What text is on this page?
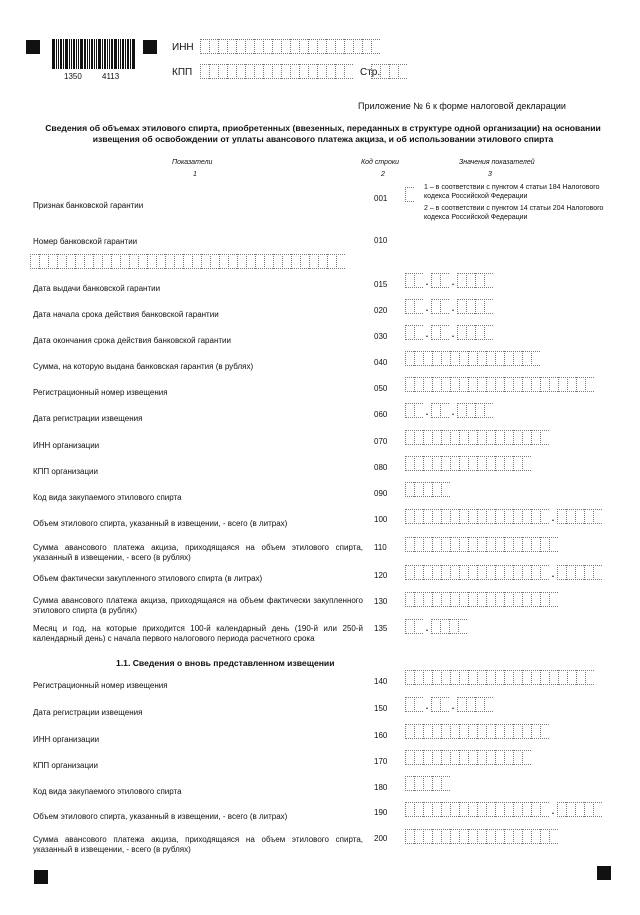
1350	4113
ИНН
КПП	Стр.
Приложение № 6 к форме налоговой декларации
Сведения об объемах этилового спирта, приобретенных (ввезенных, переданных в структуре одной организации) на основании извещения об освобождении от уплаты авансового платежа акциза, и об использовании этилового спирта
Показатели	Код строки	Значения показателей
1	2	3
Признак банковской гарантии
001
1 – в соответствии с пунктом 4 статьи 184 Налогового кодекса Российской Федерации
2 – в соответствии с пунктом 14 статьи 204 Налогового кодекса Российской Федерации
Номер банковской гарантии	010
Дата выдачи банковской гарантии	015	.	.
Дата начала срока действия банковской гарантии	020	.	.
Дата окончания срока действия банковской гарантии	030	.	.
Сумма, на которую выдана банковская гарантия (в рублях)	040
Регистрационный номер извещения	050
Дата регистрации извещения	060	.	.
ИНН организации	070
КПП организации	080
Код вида закупаемого этилового спирта	090
Объем этилового спирта, указанный в извещении, - всего (в литрах)	100	.
Сумма авансового платежа акциза, приходящаяся на объем этилового спирта, указанный в извещении, - всего (в рублях)
110
Объем фактически закупленного этилового спирта (в литрах)	120	.
Сумма авансового платежа акциза, приходящаяся на объем фактически закупленного этилового спирта (в рублях)
130
Месяц и год, на которые приходится 100-й календарный день (190-й или 250-й календарный день) с начала первого налогового периода расчетного срока
135	.
1.1. Сведения о вновь представленном извещении
Регистрационный номер извещения	140
Дата регистрации извещения	150	.	.
ИНН организации	160
КПП организации	170
Код вида закупаемого этилового спирта	180
Объем этилового спирта, указанный в извещении, - всего (в литрах)	190	.
Сумма авансового платежа акциза, приходящаяся на объем этилового спирта, указанный в извещении, - всего (в рублях)
200
